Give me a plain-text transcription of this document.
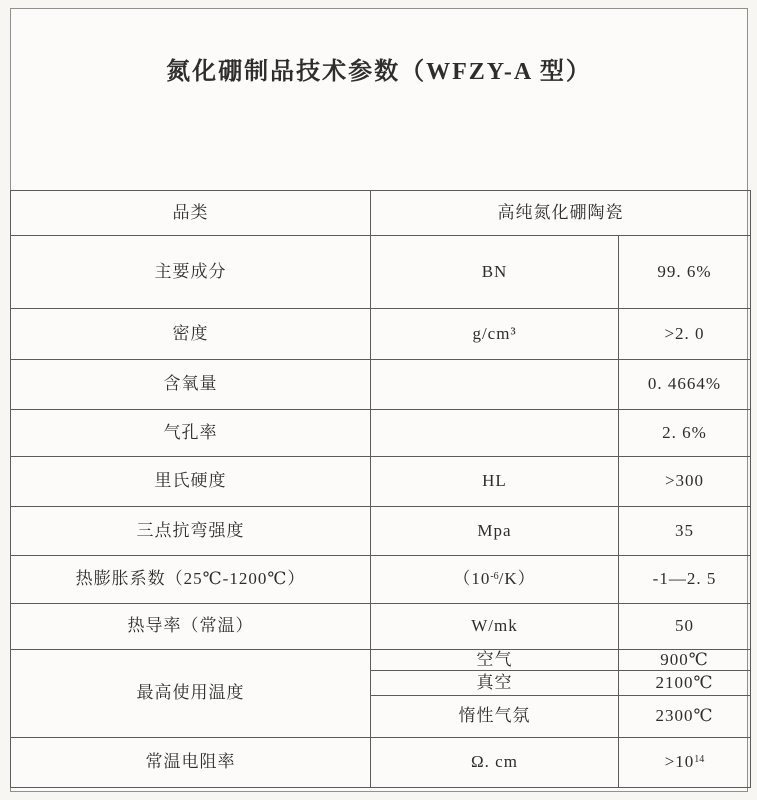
氮化硼制品技术参数（WFZY-A 型）
品类	高纯氮化硼陶瓷	
主要成分	BN	99. 6%
密度	g/cm³	>2. 0
含氧量		0. 4664%
气孔率		2. 6%
里氏硬度	HL	>300
三点抗弯强度	Mpa	35
热膨胀系数（25℃-1200℃）	$(10^{-6}/K)$	-1—2. 5
热导率（常温）	W/mk	50
最高使用温度	空气	900℃
	真空	2100℃
	惰性气氛	2300℃
常温电阻率	Ω. cm	$>10^{14}$
